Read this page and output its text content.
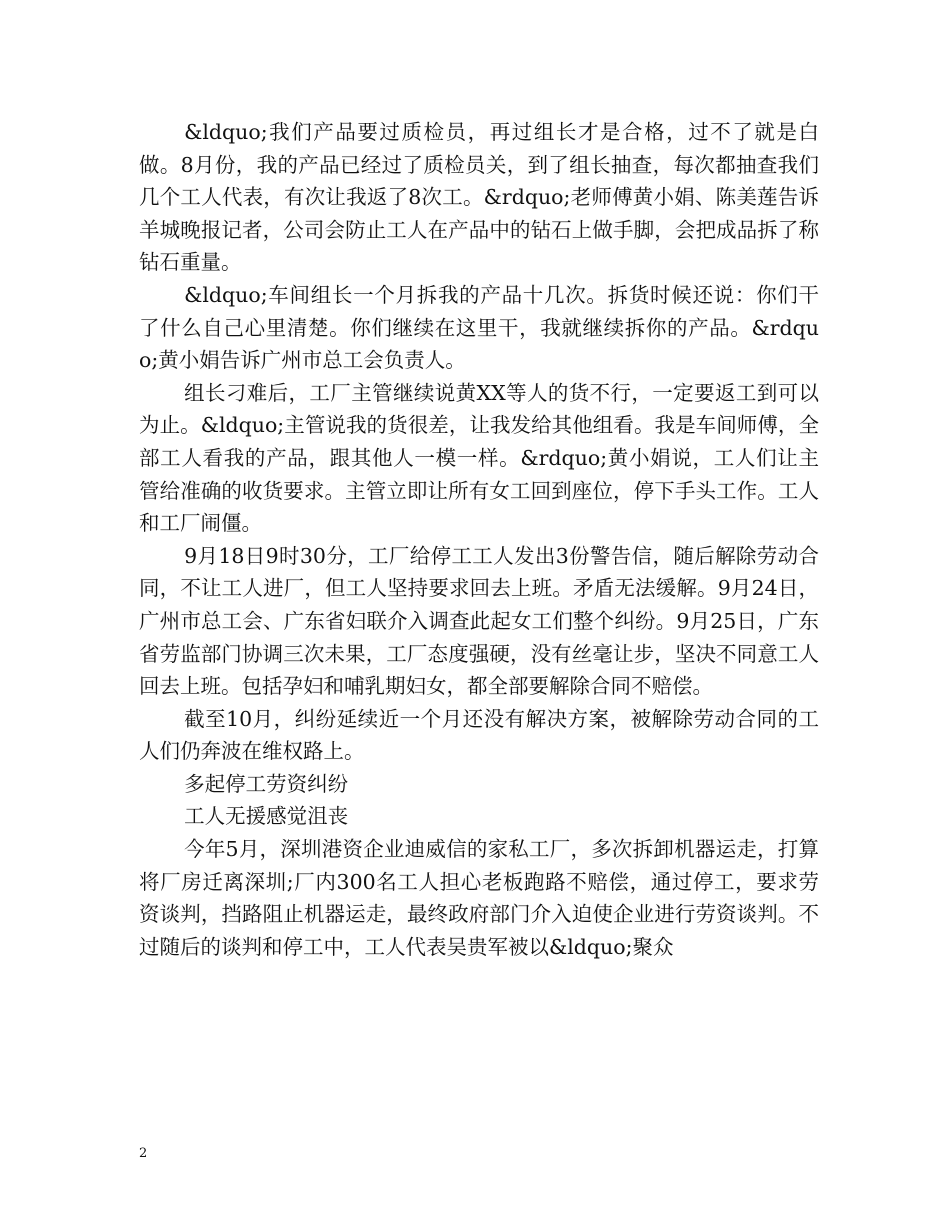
&ldquo;我们产品要过质检员，再过组长才是合格，过不了就是白做。8月份，我的产品已经过了质检员关，到了组长抽查，每次都抽查我们几个工人代表，有次让我返了8次工。&rdquo;老师傅黄小娟、陈美莲告诉羊城晚报记者，公司会防止工人在产品中的钻石上做手脚，会把成品拆了称钻石重量。

&ldquo;车间组长一个月拆我的产品十几次。拆货时候还说：你们干了什么自己心里清楚。你们继续在这里干，我就继续拆你的产品。&rdquo;黄小娟告诉广州市总工会负责人。

组长刁难后，工厂主管继续说黄XX等人的货不行，一定要返工到可以为止。&ldquo;主管说我的货很差，让我发给其他组看。我是车间师傅，全部工人看我的产品，跟其他人一模一样。&rdquo;黄小娟说，工人们让主管给准确的收货要求。主管立即让所有女工回到座位，停下手头工作。工人和工厂闹僵。

9月18日9时30分，工厂给停工工人发出3份警告信，随后解除劳动合同，不让工人进厂，但工人坚持要求回去上班。矛盾无法缓解。9月24日，广州市总工会、广东省妇联介入调查此起女工们整个纠纷。9月25日，广东省劳监部门协调三次未果，工厂态度强硬，没有丝毫让步，坚决不同意工人回去上班。包括孕妇和哺乳期妇女，都全部要解除合同不赔偿。

截至10月，纠纷延续近一个月还没有解决方案，被解除劳动合同的工人们仍奔波在维权路上。

多起停工劳资纠纷

工人无援感觉沮丧

今年5月，深圳港资企业迪威信的家私工厂，多次拆卸机器运走，打算将厂房迁离深圳;厂内300名工人担心老板跑路不赔偿，通过停工，要求劳资谈判，挡路阻止机器运走，最终政府部门介入迫使企业进行劳资谈判。不过随后的谈判和停工中，工人代表吴贵军被以&ldquo;聚众

2
